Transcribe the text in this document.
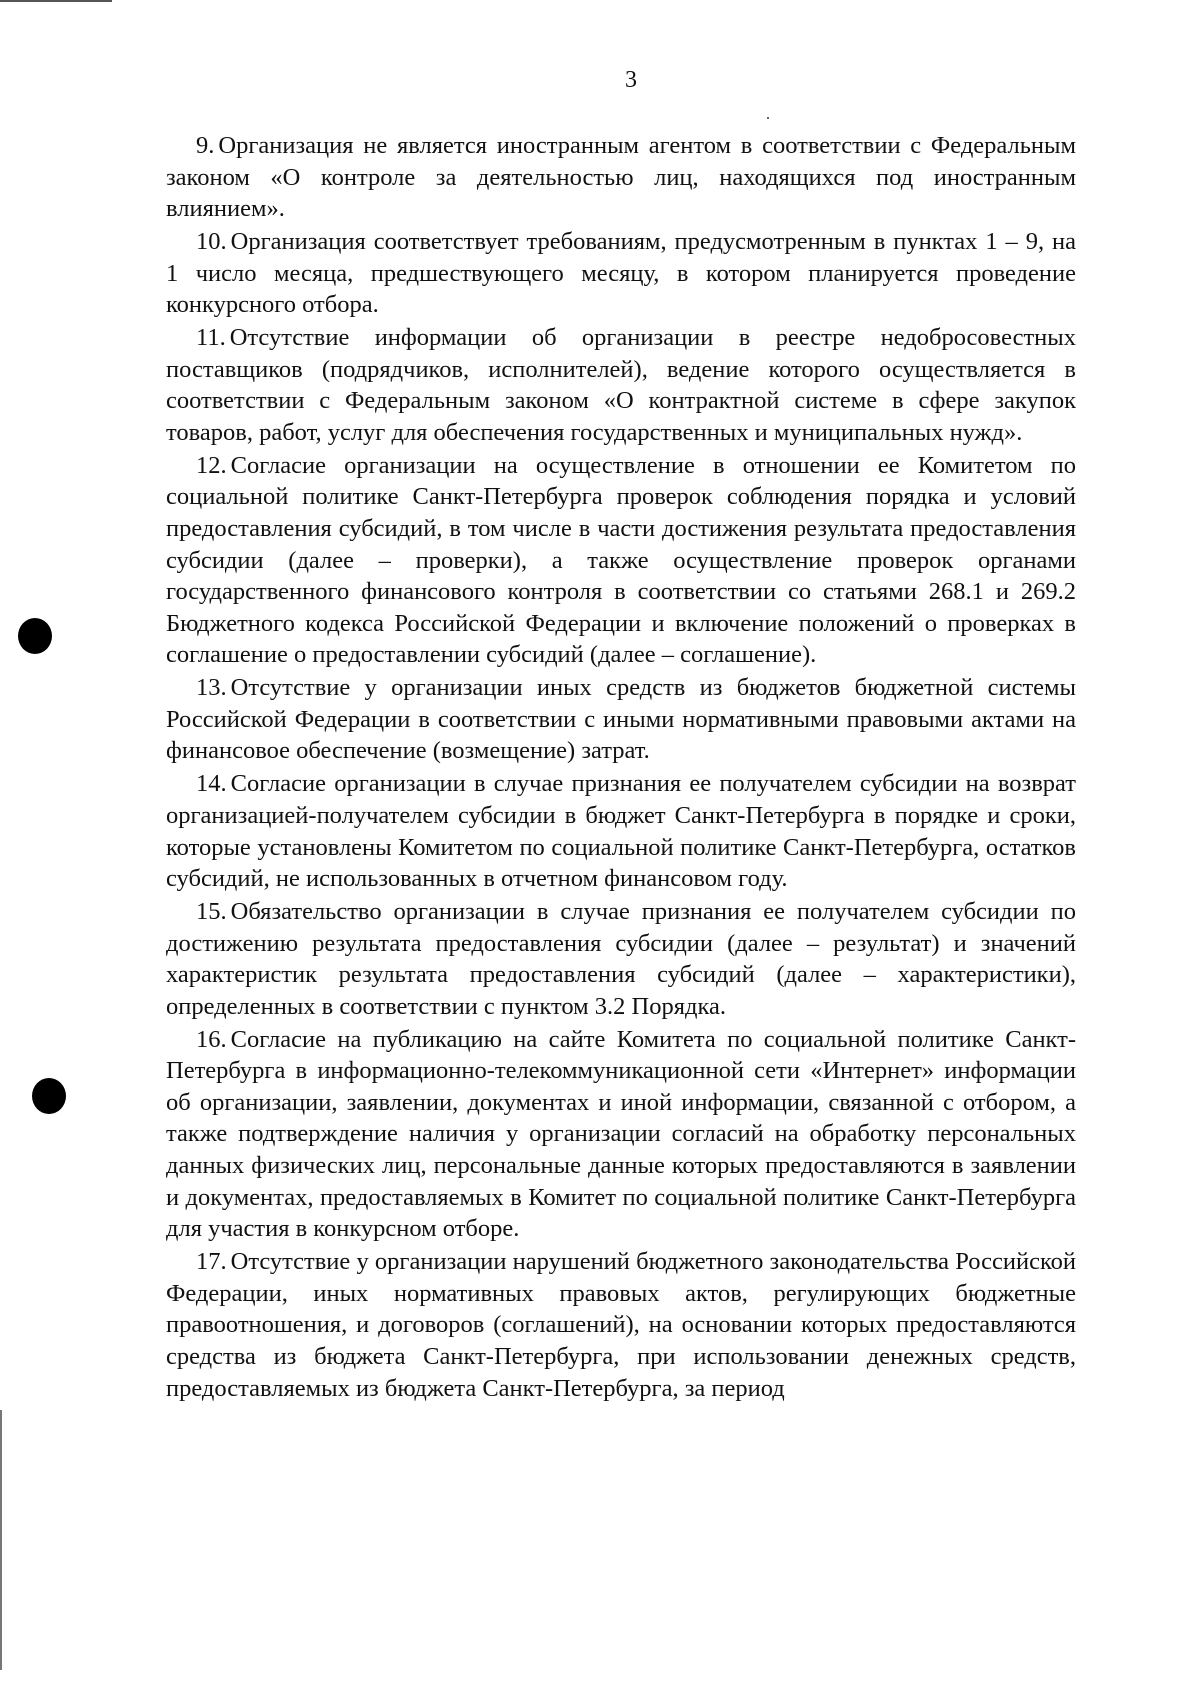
3

9. Организация не является иностранным агентом в соответствии с Федеральным законом «О контроле за деятельностью лиц, находящихся под иностранным влиянием».

10. Организация соответствует требованиям, предусмотренным в пунктах 1 – 9, на 1 число месяца, предшествующего месяцу, в котором планируется проведение конкурсного отбора.

11. Отсутствие информации об организации в реестре недобросовестных поставщиков (подрядчиков, исполнителей), ведение которого осуществляется в соответствии с Федеральным законом «О контрактной системе в сфере закупок товаров, работ, услуг для обеспечения государственных и муниципальных нужд».

12. Согласие организации на осуществление в отношении ее Комитетом по социальной политике Санкт-Петербурга проверок соблюдения порядка и условий предоставления субсидий, в том числе в части достижения результата предоставления субсидии (далее – проверки), а также осуществление проверок органами государственного финансового контроля в соответствии со статьями 268.1 и 269.2 Бюджетного кодекса Российской Федерации и включение положений о проверках в соглашение о предоставлении субсидий (далее – соглашение).

13. Отсутствие у организации иных средств из бюджетов бюджетной системы Российской Федерации в соответствии с иными нормативными правовыми актами на финансовое обеспечение (возмещение) затрат.

14. Согласие организации в случае признания ее получателем субсидии на возврат организацией-получателем субсидии в бюджет Санкт-Петербурга в порядке и сроки, которые установлены Комитетом по социальной политике Санкт-Петербурга, остатков субсидий, не использованных в отчетном финансовом году.

15. Обязательство организации в случае признания ее получателем субсидии по достижению результата предоставления субсидии (далее – результат) и значений характеристик результата предоставления субсидий (далее – характеристики), определенных в соответствии с пунктом 3.2 Порядка.

16. Согласие на публикацию на сайте Комитета по социальной политике Санкт-Петербурга в информационно-телекоммуникационной сети «Интернет» информации об организации, заявлении, документах и иной информации, связанной с отбором, а также подтверждение наличия у организации согласий на обработку персональных данных физических лиц, персональные данные которых предоставляются в заявлении и документах, предоставляемых в Комитет по социальной политике Санкт-Петербурга для участия в конкурсном отборе.

17. Отсутствие у организации нарушений бюджетного законодательства Российской Федерации, иных нормативных правовых актов, регулирующих бюджетные правоотношения, и договоров (соглашений), на основании которых предоставляются средства из бюджета Санкт-Петербурга, при использовании денежных средств, предоставляемых из бюджета Санкт-Петербурга, за период
